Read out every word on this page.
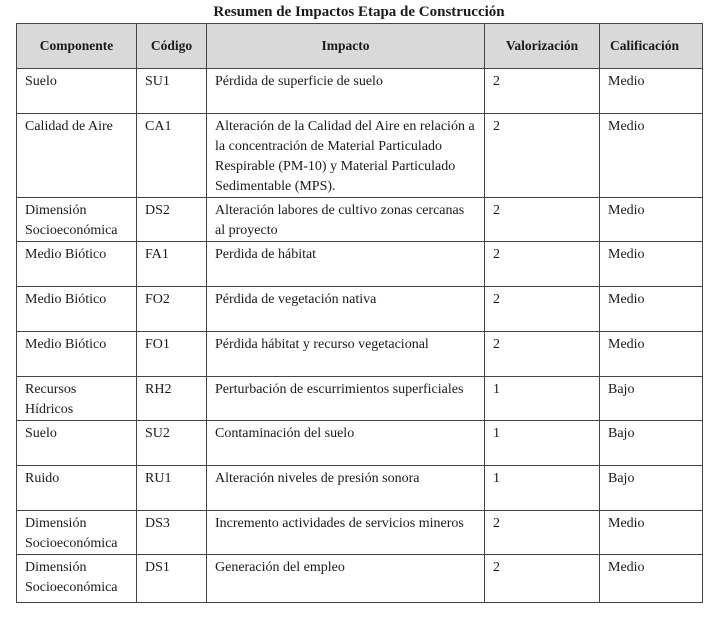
Resumen de Impactos Etapa de Construcción
Componente	Código	Impacto	Valorización	Calificación
Suelo	SU1	Pérdida de superficie de suelo	2	Medio
Calidad de Aire	CA1	Alteración de la Calidad del Aire en relación a la concentración de Material Particulado Respirable (PM-10) y Material Particulado Sedimentable (MPS).	2	Medio
Dimensión Socioeconómica	DS2	Alteración labores de cultivo zonas cercanas al proyecto	2	Medio
Medio Biótico	FA1	Perdida de hábitat	2	Medio
Medio Biótico	FO2	Pérdida de vegetación nativa	2	Medio
Medio Biótico	FO1	Pérdida hábitat y recurso vegetacional	2	Medio
Recursos Hídricos	RH2	Perturbación de escurrimientos superficiales	1	Bajo
Suelo	SU2	Contaminación del suelo	1	Bajo
Ruido	RU1	Alteración niveles de presión sonora	1	Bajo
Dimensión Socioeconómica	DS3	Incremento actividades de servicios mineros	2	Medio
Dimensión Socioeconómica	DS1	Generación del empleo	2	Medio
